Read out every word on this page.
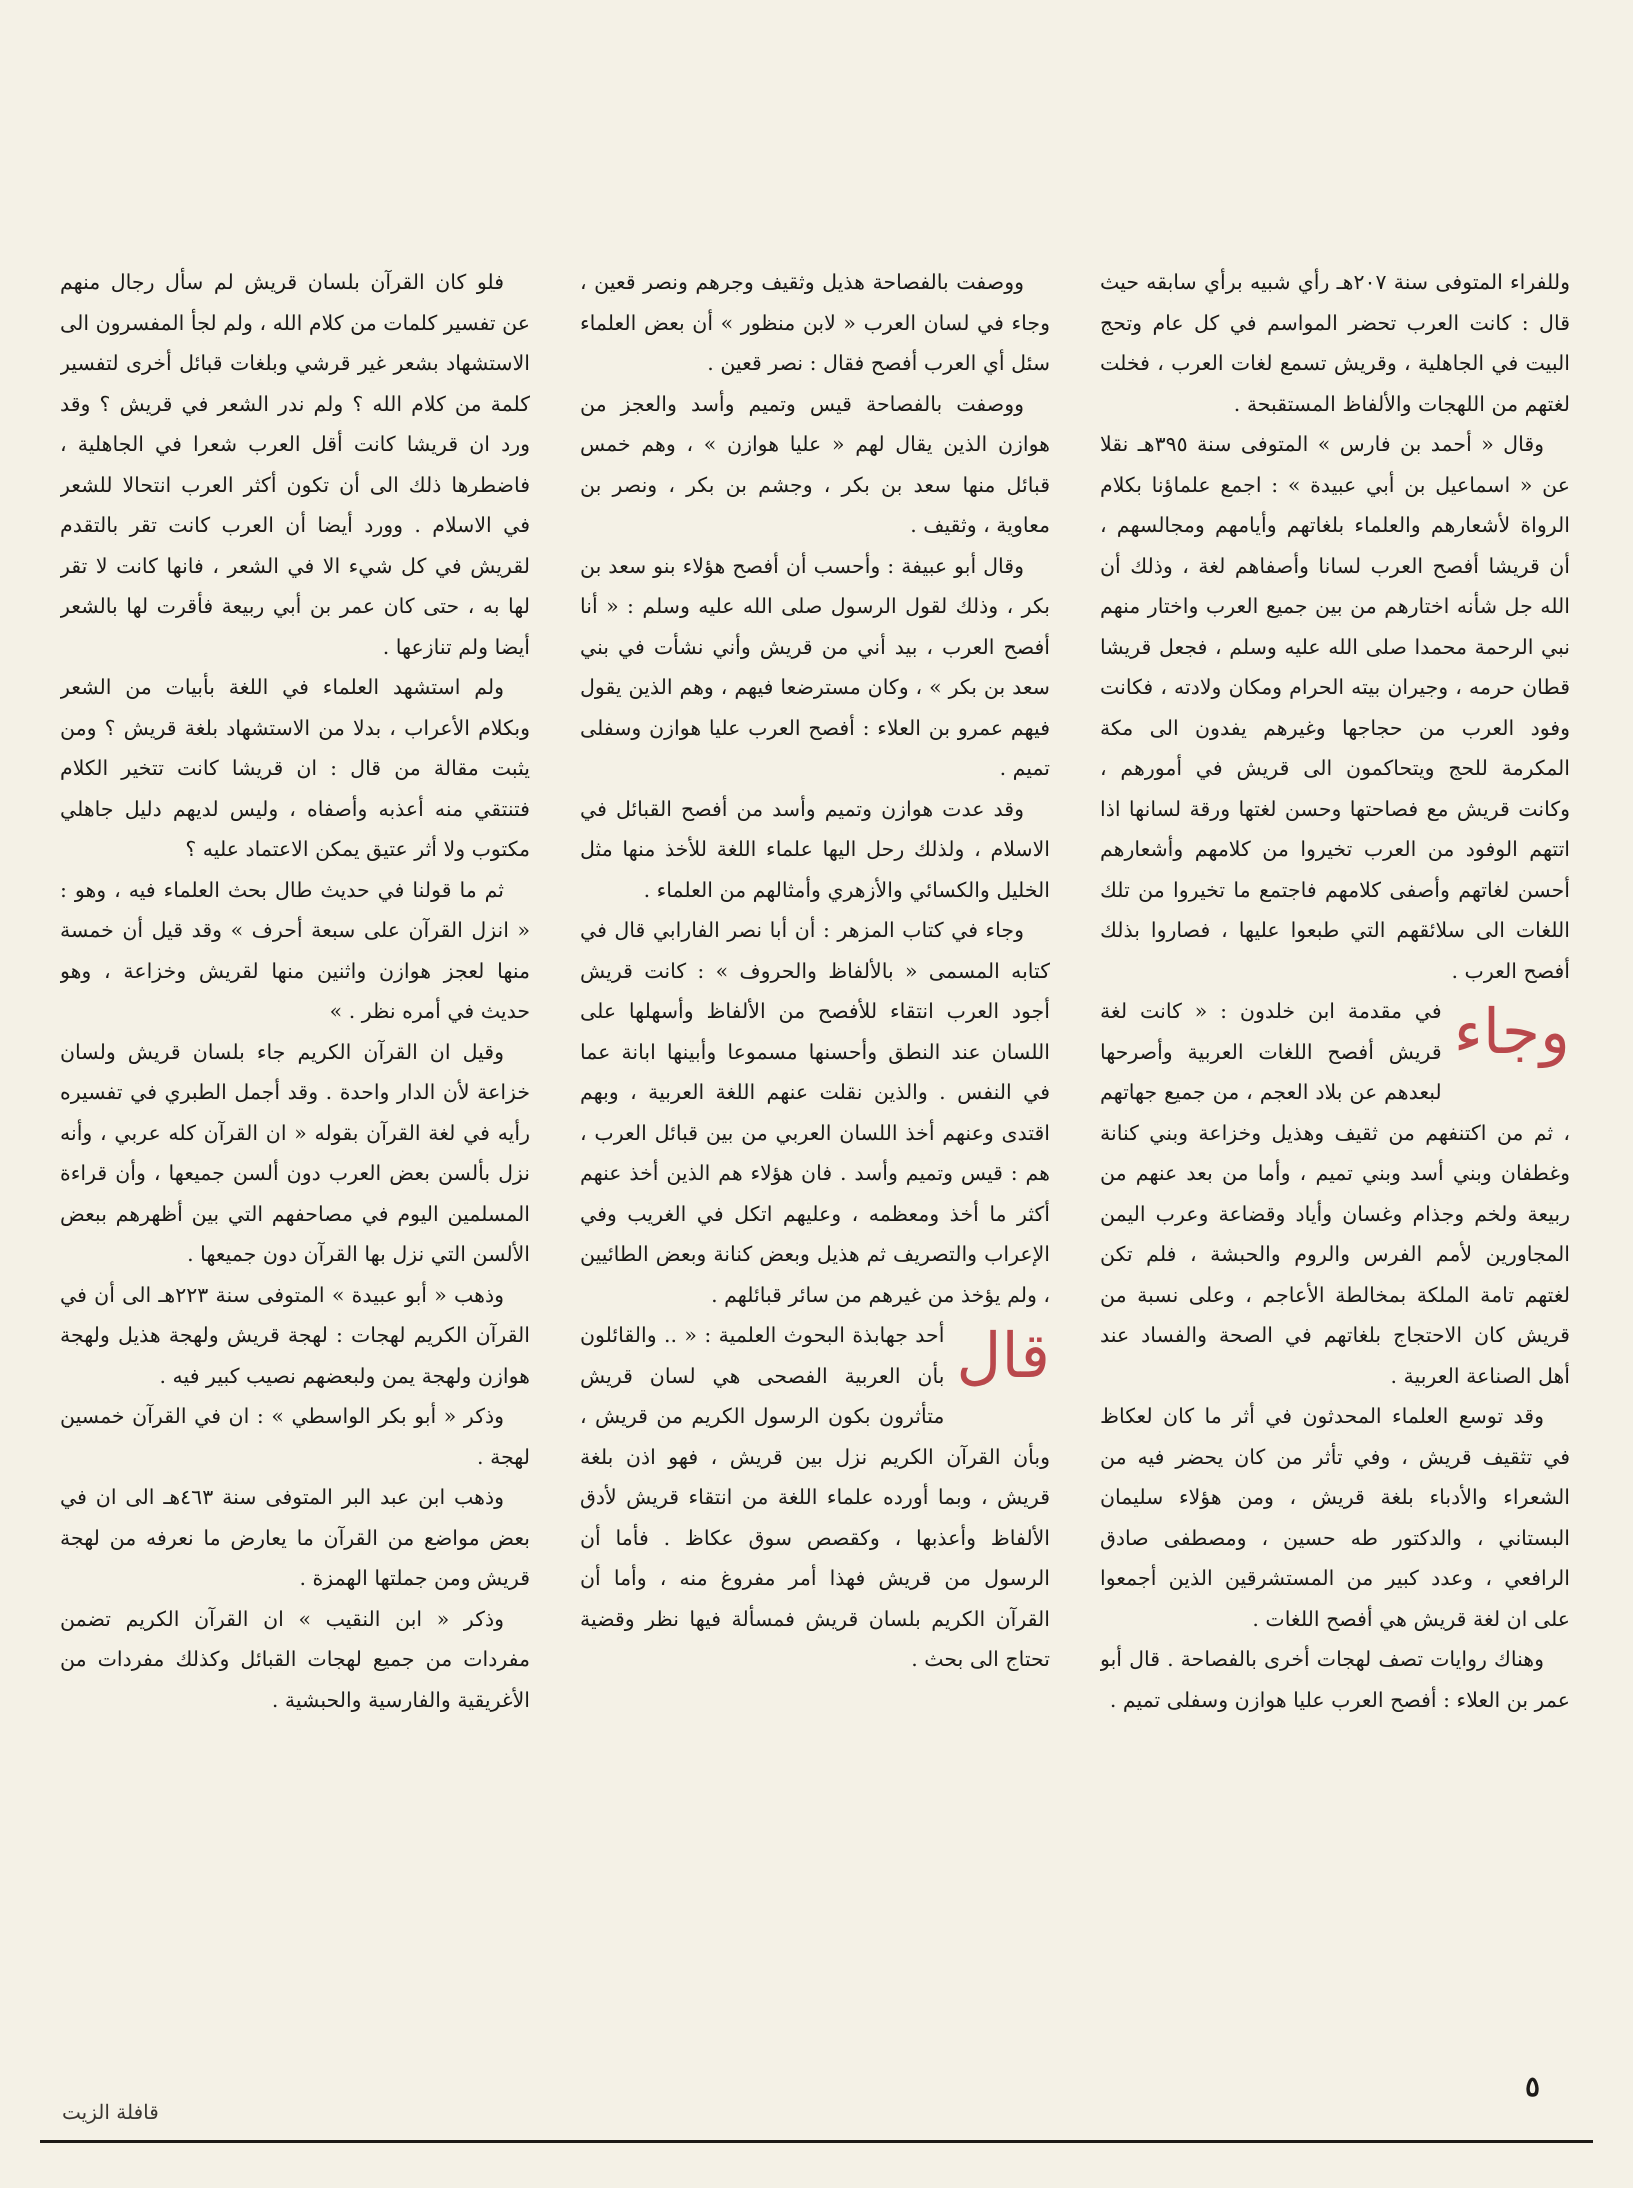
وللفراء المتوفى سنة ٢٠٧هـ رأي شبيه برأي سابقه حيث قال : كانت العرب تحضر المواسم في كل عام وتحج البيت في الجاهلية ، وقريش تسمع لغات العرب ، فخلت لغتهم من اللهجات والألفاظ المستقبحة .

وقال « أحمد بن فارس » المتوفى سنة ٣٩٥هـ نقلا عن « اسماعيل بن أبي عبيدة » : اجمع علماؤنا بكلام الرواة لأشعارهم والعلماء بلغاتهم وأيامهم ومجالسهم ، أن قريشا أفصح العرب لسانا وأصفاهم لغة ، وذلك أن الله جل شأنه اختارهم من بين جميع العرب واختار منهم نبي الرحمة محمدا صلى الله عليه وسلم ، فجعل قريشا قطان حرمه ، وجيران بيته الحرام ومكان ولادته ، فكانت وفود العرب من حجاجها وغيرهم يفدون الى مكة المكرمة للحج ويتحاكمون الى قريش في أمورهم ، وكانت قريش مع فصاحتها وحسن لغتها ورقة لسانها اذا اتتهم الوفود من العرب تخيروا من كلامهم وأشعارهم أحسن لغاتهم وأصفى كلامهم فاجتمع ما تخيروا من تلك اللغات الى سلائقهم التي طبعوا عليها ، فصاروا بذلك أفصح العرب .

وجاء
في مقدمة ابن خلدون : « كانت لغة قريش أفصح اللغات العربية وأصرحها لبعدهم عن بلاد العجم ، من جميع جهاتهم ، ثم من اكتنفهم من ثقيف وهذيل وخزاعة وبني كنانة وغطفان وبني أسد وبني تميم ، وأما من بعد عنهم من ربيعة ولخم وجذام وغسان وأياد وقضاعة وعرب اليمن المجاورين لأمم الفرس والروم والحبشة ، فلم تكن لغتهم تامة الملكة بمخالطة الأعاجم ، وعلى نسبة من قريش كان الاحتجاج بلغاتهم في الصحة والفساد عند أهل الصناعة العربية .

وقد توسع العلماء المحدثون في أثر ما كان لعكاظ في تثقيف قريش ، وفي تأثر من كان يحضر فيه من الشعراء والأدباء بلغة قريش ، ومن هؤلاء سليمان البستاني ، والدكتور طه حسين ، ومصطفى صادق الرافعي ، وعدد كبير من المستشرقين الذين أجمعوا على ان لغة قريش هي أفصح اللغات .

وهناك روايات تصف لهجات أخرى بالفصاحة . قال أبو عمر بن العلاء : أفصح العرب عليا هوازن وسفلى تميم .

ووصفت بالفصاحة هذيل وثقيف وجرهم ونصر قعين ، وجاء في لسان العرب « لابن منظور » أن بعض العلماء سئل أي العرب أفصح فقال : نصر قعين .

ووصفت بالفصاحة قيس وتميم وأسد والعجز من هوازن الذين يقال لهم « عليا هوازن » ، وهم خمس قبائل منها سعد بن بكر ، وجشم بن بكر ، ونصر بن معاوية ، وثقيف .

وقال أبو عبيفة : وأحسب أن أفصح هؤلاء بنو سعد بن بكر ، وذلك لقول الرسول صلى الله عليه وسلم : « أنا أفصح العرب ، بيد أني من قريش وأني نشأت في بني سعد بن بكر » ، وكان مسترضعا فيهم ، وهم الذين يقول فيهم عمرو بن العلاء : أفصح العرب عليا هوازن وسفلى تميم .

وقد عدت هوازن وتميم وأسد من أفصح القبائل في الاسلام ، ولذلك رحل اليها علماء اللغة للأخذ منها مثل الخليل والكسائي والأزهري وأمثالهم من العلماء .

وجاء في كتاب المزهر : أن أبا نصر الفارابي قال في كتابه المسمى « بالألفاظ والحروف » : كانت قريش أجود العرب انتقاء للأفصح من الألفاظ وأسهلها على اللسان عند النطق وأحسنها مسموعا وأبينها ابانة عما في النفس . والذين نقلت عنهم اللغة العربية ، وبهم اقتدى وعنهم أخذ اللسان العربي من بين قبائل العرب ، هم : قيس وتميم وأسد . فان هؤلاء هم الذين أخذ عنهم أكثر ما أخذ ومعظمه ، وعليهم اتكل في الغريب وفي الإعراب والتصريف ثم هذيل وبعض كنانة وبعض الطائيين ، ولم يؤخذ من غيرهم من سائر قبائلهم .

قال
أحد جهابذة البحوث العلمية : « .. والقائلون بأن العربية الفصحى هي لسان قريش متأثرون بكون الرسول الكريم من قريش ، وبأن القرآن الكريم نزل بين قريش ، فهو اذن بلغة قريش ، وبما أورده علماء اللغة من انتقاء قريش لأدق الألفاظ وأعذبها ، وكقصص سوق عكاظ . فأما أن الرسول من قريش فهذا أمر مفروغ منه ، وأما أن القرآن الكريم بلسان قريش فمسألة فيها نظر وقضية تحتاج الى بحث .

فلو كان القرآن بلسان قريش لم سأل رجال منهم عن تفسير كلمات من كلام الله ، ولم لجأ المفسرون الى الاستشهاد بشعر غير قرشي وبلغات قبائل أخرى لتفسير كلمة من كلام الله ؟ ولم ندر الشعر في قريش ؟ وقد ورد ان قريشا كانت أقل العرب شعرا في الجاهلية ، فاضطرها ذلك الى أن تكون أكثر العرب انتحالا للشعر في الاسلام . وورد أيضا أن العرب كانت تقر بالتقدم لقريش في كل شيء الا في الشعر ، فانها كانت لا تقر لها به ، حتى كان عمر بن أبي ربيعة فأقرت لها بالشعر أيضا ولم تنازعها .

ولم استشهد العلماء في اللغة بأبيات من الشعر وبكلام الأعراب ، بدلا من الاستشهاد بلغة قريش ؟ ومن يثبت مقالة من قال : ان قريشا كانت تتخير الكلام فتنتقي منه أعذبه وأصفاه ، وليس لديهم دليل جاهلي مكتوب ولا أثر عتيق يمكن الاعتماد عليه ؟

ثم ما قولنا في حديث طال بحث العلماء فيه ، وهو : « انزل القرآن على سبعة أحرف » وقد قيل أن خمسة منها لعجز هوازن واثنين منها لقريش وخزاعة ، وهو حديث في أمره نظر . »

وقيل ان القرآن الكريم جاء بلسان قريش ولسان خزاعة لأن الدار واحدة . وقد أجمل الطبري في تفسيره رأيه في لغة القرآن بقوله « ان القرآن كله عربي ، وأنه نزل بألسن بعض العرب دون ألسن جميعها ، وأن قراءة المسلمين اليوم في مصاحفهم التي بين أظهرهم ببعض الألسن التي نزل بها القرآن دون جميعها .

وذهب « أبو عبيدة » المتوفى سنة ٢٢٣هـ الى أن في القرآن الكريم لهجات : لهجة قريش ولهجة هذيل ولهجة هوازن ولهجة يمن ولبعضهم نصيب كبير فيه .

وذكر « أبو بكر الواسطي » : ان في القرآن خمسين لهجة .

وذهب ابن عبد البر المتوفى سنة ٤٦٣هـ الى ان في بعض مواضع من القرآن ما يعارض ما نعرفه من لهجة قريش ومن جملتها الهمزة .

وذكر « ابن النقيب » ان القرآن الكريم تضمن مفردات من جميع لهجات القبائل وكذلك مفردات من الأغريقية والفارسية والحبشية .

٥
قافلة الزيت
